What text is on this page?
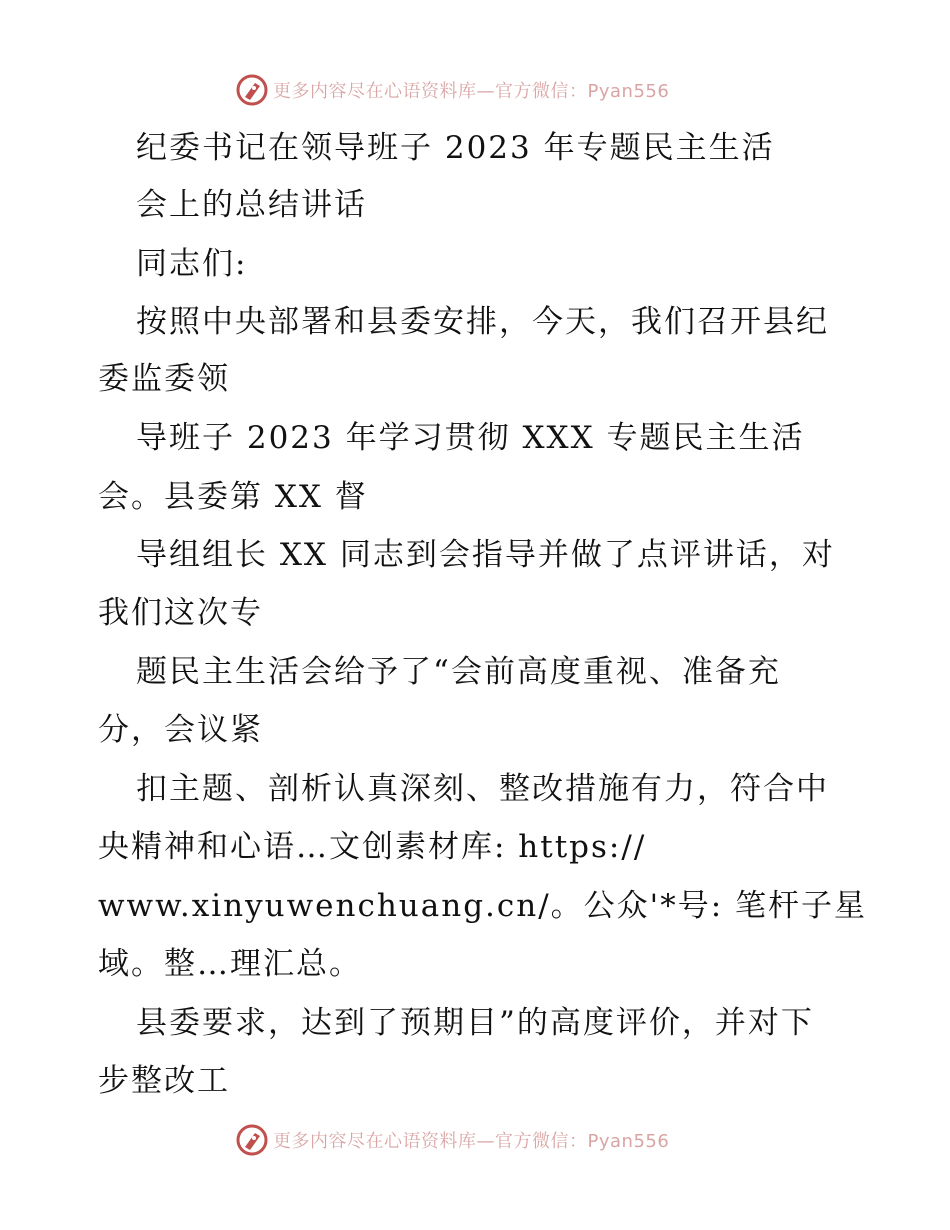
更多内容尽在心语资料库—官方微信：Pyan556
纪委书记在领导班子 2023 年专题民主生活
会上的总结讲话
同志们:
按照中央部署和县委安排，今天，我们召开县纪
委监委领
导班子 2023 年学习贯彻 XXX 专题民主生活
会。县委第 XX 督
导组组长 XX 同志到会指导并做了点评讲话，对
我们这次专
题民主生活会给予了“会前高度重视、准备充
分，会议紧
扣主题、剖析认真深刻、整改措施有力，符合中
央精神和心语…文创素材库: https://
www.xinyuwenchuang.cn/。公众'*号: 笔杆子星
域。整…理汇总。
县委要求，达到了预期目”的高度评价，并对下
步整改工
更多内容尽在心语资料库—官方微信：Pyan556
